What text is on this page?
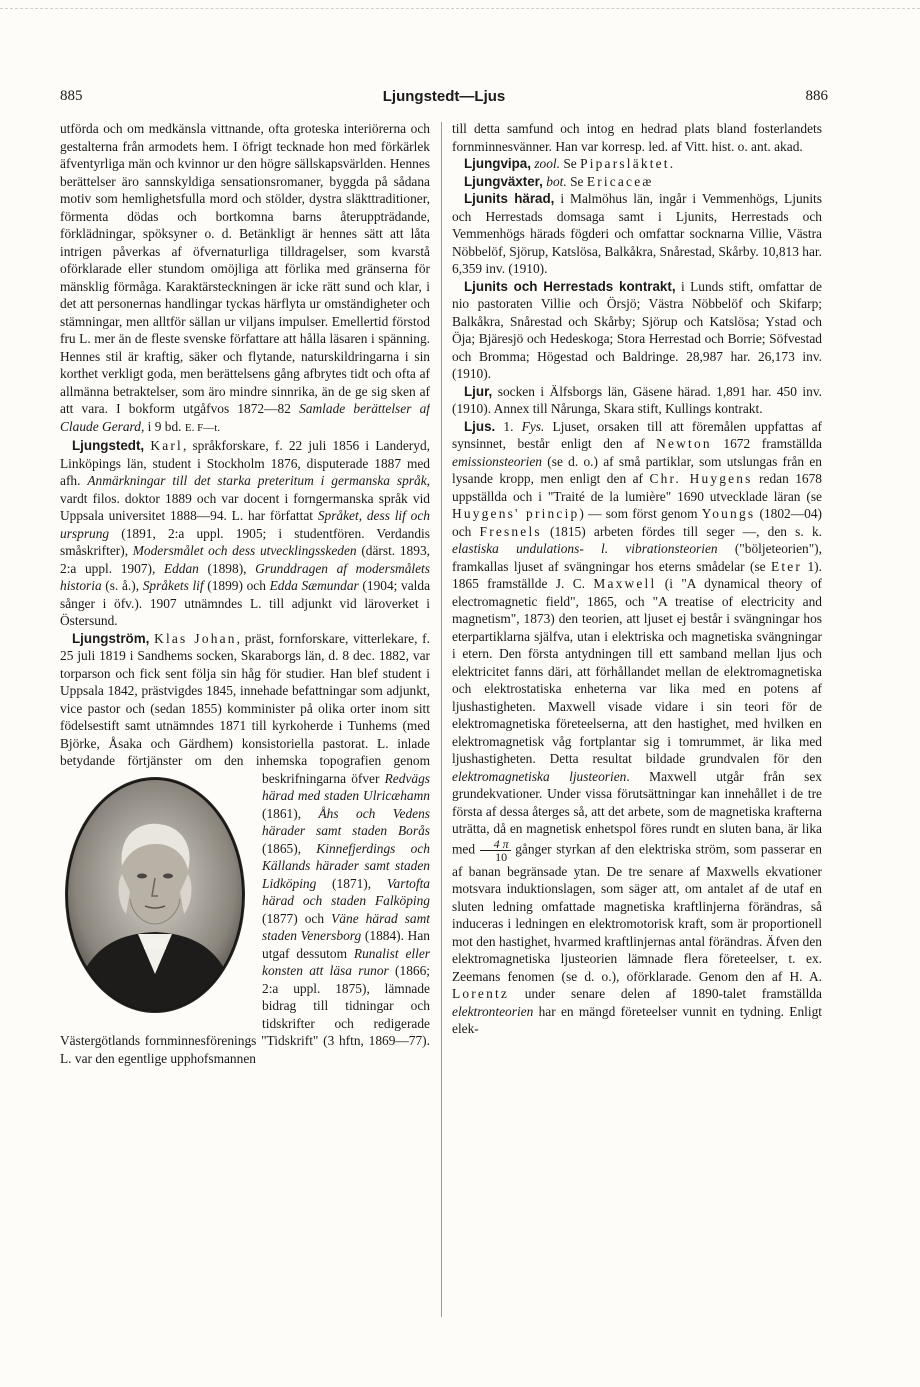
885	Ljungstedt—Ljus	886

utförda och om medkänsla vittnande, ofta groteska interiörerna och gestalterna från armodets hem. I öfrigt tecknade hon med förkärlek äfventyrliga män och kvinnor ur den högre sällskapsvärlden. Hennes berättelser äro sannskyldiga sensationsromaner, byggda på sådana motiv som hemlighetsfulla mord och stölder, dystra släkttraditioner, förmenta dödas och bortkomna barns återuppträdande, förklädningar, spöksyner o. d. Betänkligt är hennes sätt att låta intrigen påverkas af öfvernaturliga tilldragelser, som kvarstå oförklarade eller stundom omöjliga att förlika med gränserna för mänsklig förmåga. Karaktärsteckningen är icke rätt sund och klar, i det att personernas handlingar tyckas härflyta ur omständigheter och stämningar, men alltför sällan ur viljans impulser. Emellertid förstod fru L. mer än de fleste svenske författare att hålla läsaren i spänning. Hennes stil är kraftig, säker och flytande, naturskildringarna i sin korthet verkligt goda, men berättelsens gång afbrytes tidt och ofta af allmänna betraktelser, som äro mindre sinnrika, än de ge sig sken af att vara. I bokform utgåfvos 1872—82 Samlade berättelser af Claude Gerard, i 9 bd. E. F—t.

Ljungstedt, Karl, språkforskare, f. 22 juli 1856 i Landeryd, Linköpings län, student i Stockholm 1876, disputerade 1887 med afh. Anmärkningar till det starka preteritum i germanska språk, vardt filos. doktor 1889 och var docent i forngermanska språk vid Uppsala universitet 1888—94. L. har författat Språket, dess lif och ursprung (1891, 2:a uppl. 1905; i studentfören. Verdandis småskrifter), Modersmålet och dess utvecklingsskeden (därst. 1893, 2:a uppl. 1907), Eddan (1898), Grunddragen af modersmålets historia (s. å.), Språkets lif (1899) och Edda Sæmundar (1904; valda sånger i öfv.). 1907 utnämndes L. till adjunkt vid läroverket i Östersund.

Ljungström, Klas Johan, präst, fornforskare, vitterlekare, f. 25 juli 1819 i Sandhems socken, Skaraborgs län, d. 8 dec. 1882, var torparson och fick sent följa sin håg för studier. Han blef student i Uppsala 1842, prästvigdes 1845, innehade befattningar som adjunkt, vice pastor och (sedan 1855) komminister på olika orter inom sitt födelsestift samt utnämndes 1871 till kyrkoherde i Tunhems (med Björke, Åsaka och Gärdhem) konsistoriella pastorat. L. inlade betydande förtjänster om den inhemska topografien genom beskrifningarna öfver
Redvägs härad med staden Ulricæhamn (1861), Åhs och Vedens härader samt staden Borås (1865), Kinnefjerdings och Källands härader samt staden Lidköping (1871), Vartofta härad och staden Falköping (1877) och Väne härad samt staden Venersborg (1884). Han utgaf dessutom Runalist eller konsten att läsa runor (1866; 2:a uppl. 1875), lämnade bidrag till tidningar och tidskrifter och redigerade Västergötlands fornminnesförenings "Tidskrift" (3 hftn, 1869—77). L. var den egentlige upphofsmannen

till detta samfund och intog en hedrad plats bland fosterlandets fornminnesvänner. Han var korresp. led. af Vitt. hist. o. ant. akad.

Ljungvipa, zool. Se Piparsläktet.

Ljungväxter, bot. Se Ericaceæ

Ljunits härad, i Malmöhus län, ingår i Vemmenhögs, Ljunits och Herrestads domsaga samt i Ljunits, Herrestads och Vemmenhögs härads fögderi och omfattar socknarna Villie, Västra Nöbbelöf, Sjörup, Katslösa, Balkåkra, Snårestad, Skårby. 10,813 har. 6,359 inv. (1910).

Ljunits och Herrestads kontrakt, i Lunds stift, omfattar de nio pastoraten Villie och Örsjö; Västra Nöbbelöf och Skifarp; Balkåkra, Snårestad och Skårby; Sjörup och Katslösa; Ystad och Öja; Bjäresjö och Hedeskoga; Stora Herrestad och Borrie; Söfvestad och Bromma; Högestad och Baldringe. 28,987 har. 26,173 inv. (1910).

Ljur, socken i Älfsborgs län, Gäsene härad. 1,891 har. 450 inv. (1910). Annex till Nårunga, Skara stift, Kullings kontrakt.

Ljus. 1. Fys. Ljuset, orsaken till att föremålen uppfattas af synsinnet, består enligt den af Newton 1672 framställda emissionsteorien (se d. o.) af små partiklar, som utslungas från en lysande kropp, men enligt den af Chr. Huygens redan 1678 uppställda och i "Traité de la lumière" 1690 utvecklade läran (se Huygens' princip) — som först genom Youngs (1802—04) och Fresnels (1815) arbeten fördes till seger —, den s. k. elastiska undulations- l. vibrationsteorien ("böljeteorien"), framkallas ljuset af svängningar hos eterns smådelar (se Eter 1). 1865 framställde J. C. Maxwell (i "A dynamical theory of electromagnetic field", 1865, och "A treatise of electricity and magnetism", 1873) den teorien, att ljuset ej består i svängningar hos eterpartiklarna själfva, utan i elektriska och magnetiska svängningar i etern. Den första antydningen till ett samband mellan ljus och elektricitet fanns däri, att förhållandet mellan de elektromagnetiska och elektrostatiska enheterna var lika med en potens af ljushastigheten. Maxwell visade vidare i sin teori för de elektromagnetiska företeelserna, att den hastighet, med hvilken en elektromagnetisk våg fortplantar sig i tomrummet, är lika med ljushastigheten. Detta resultat bildade grundvalen för den elektromagnetiska ljusteorien. Maxwell utgår från sex grundekvationer. Under vissa förutsättningar kan innehållet i de tre första af dessa återges så, att det arbete, som de magnetiska krafterna uträtta, då en magnetisk enhetspol föres rundt en sluten bana, är lika med $\frac{4 \pi}{10}$ gånger styrkan af den elektriska ström, som passerar en af banan begränsade ytan. De tre senare af Maxwells ekvationer motsvara induktionslagen, som säger att, om antalet af de utaf en sluten ledning omfattade magnetiska kraftlinjerna förändras, så induceras i ledningen en elektromotorisk kraft, som är proportionell mot den hastighet, hvarmed kraftlinjernas antal förändras. Äfven den elektromagnetiska ljusteorien lämnade flera företeelser, t. ex. Zeemans fenomen (se d. o.), oförklarade. Genom den af H. A. Lorentz under senare delen af 1890-talet framställda elektronteorien har en mängd företeelser vunnit en tydning. Enligt elek-
